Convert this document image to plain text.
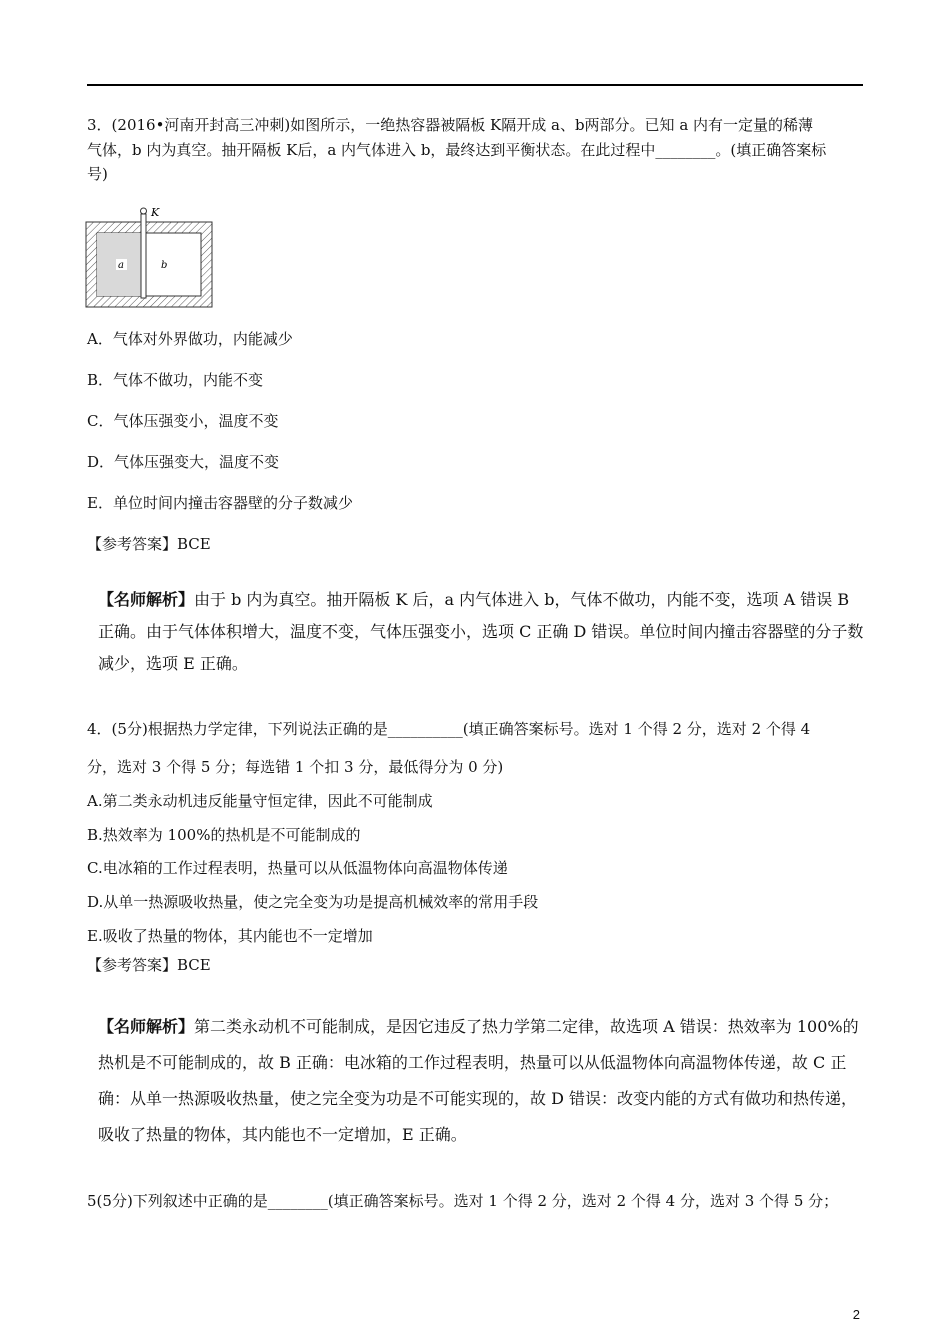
3．(2016•河南开封高三冲刺)如图所示，一绝热容器被隔板 K隔开成 a、b两部分。已知 a 内有一定量的稀薄
气体，b 内为真空。抽开隔板 K后，a 内气体进入 b，最终达到平衡状态。在此过程中________。(填正确答案标
号)
K
a	b
A．气体对外界做功，内能减少
B．气体不做功，内能不变
C．气体压强变小，温度不变
D．气体压强变大，温度不变
E．单位时间内撞击容器壁的分子数减少
【参考答案】BCE
【名师解析】由于 b 内为真空。抽开隔板 K 后，a 内气体进入 b，气体不做功，内能不变，选项 A 错误 B 正确。由于气体体积增大，温度不变，气体压强变小，选项 C 正确 D 错误。单位时间内撞击容器壁的分子数减少，选项 E 正确。
4．(5分)根据热力学定律，下列说法正确的是__________(填正确答案标号。选对 1 个得 2 分，选对 2 个得 4
分，选对 3 个得 5 分；每选错 1 个扣 3 分，最低得分为 0 分)
A.第二类永动机违反能量守恒定律，因此不可能制成
B.热效率为 100%的热机是不可能制成的
C.电冰箱的工作过程表明，热量可以从低温物体向高温物体传递
D.从单一热源吸收热量，使之完全变为功是提高机械效率的常用手段
E.吸收了热量的物体，其内能也不一定增加
【参考答案】BCE
【名师解析】第二类永动机不可能制成，是因它违反了热力学第二定律，故选项 A 错误：热效率为 100%的热机是不可能制成的，故 B 正确：电冰箱的工作过程表明，热量可以从低温物体向高温物体传递，故 C 正确：从单一热源吸收热量，使之完全变为功是不可能实现的，故 D 错误：改变内能的方式有做功和热传递，吸收了热量的物体，其内能也不一定增加，E 正确。
5(5分)下列叙述中正确的是________(填正确答案标号。选对 1 个得 2 分，选对 2 个得 4 分，选对 3 个得 5 分；
2
